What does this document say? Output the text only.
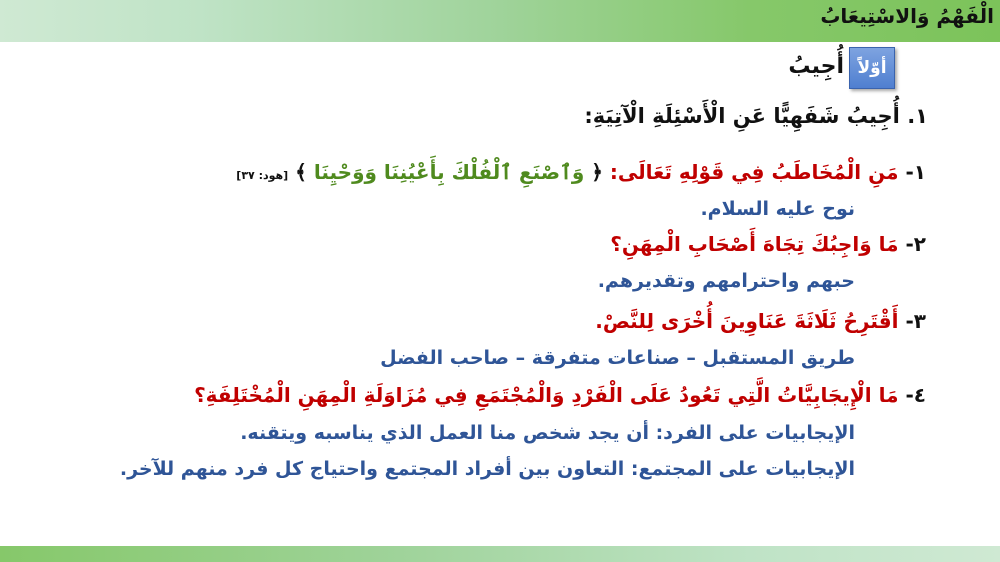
الْفَهْمُ وَالاسْتِيعَابُ
أوّلاً
أُجِيبُ
١. أُجِيبُ شَفَهِيًّا عَنِ الْأَسْئِلَةِ الْآتِيَةِ:
١- مَنِ الْمُخَاطَبُ فِي قَوْلِهِ تَعَالَى: ﴿ وَٱصْنَعِ ٱلْفُلْكَ بِأَعْيُنِنَا وَوَحْيِنَا ﴾ [هود: ٣٧]
نوح عليه السلام.
٢- مَا وَاجِبُكَ تِجَاهَ أَصْحَابِ الْمِهَنِ؟
حبهم واحترامهم وتقديرهم.
٣- أَقْتَرِحُ ثَلَاثَةَ عَنَاوِينَ أُخْرَى لِلنَّصْ.
طريق المستقبل – صناعات متفرقة – صاحب الفضل
٤- مَا الْإِيجَابِيَّاتُ الَّتِي تَعُودُ عَلَى الْفَرْدِ وَالْمُجْتَمَعِ فِي مُزَاوَلَةِ الْمِهَنِ الْمُخْتَلِفَةِ؟
الإيجابيات على الفرد: أن يجد شخص منا العمل الذي يناسبه ويتقنه.
الإيجابيات على المجتمع: التعاون بين أفراد المجتمع واحتياج كل فرد منهم للآخر.
